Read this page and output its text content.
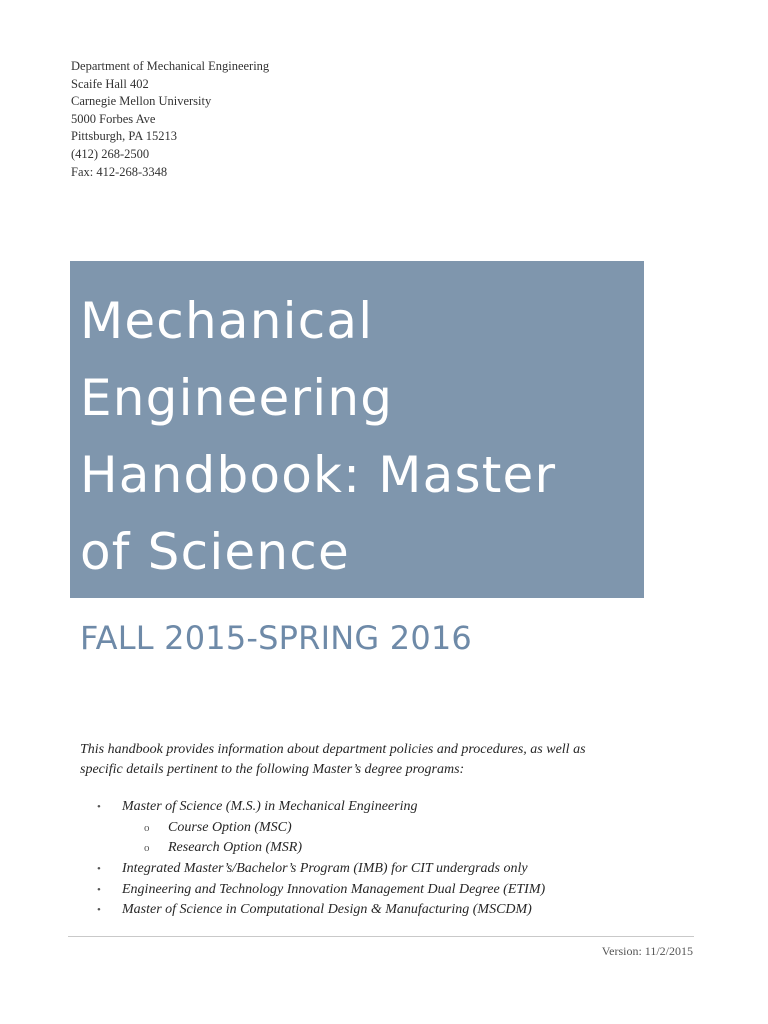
Department of Mechanical Engineering
Scaife Hall 402
Carnegie Mellon University
5000 Forbes Ave
Pittsburgh, PA 15213
(412) 268-2500
Fax: 412-268-3348
Mechanical
Engineering
Handbook: Master
of Science
FALL 2015-SPRING 2016
This handbook provides information about department policies and procedures, as well as
specific details pertinent to the following Master’s degree programs:
• Master of Science (M.S.) in Mechanical Engineering
o Course Option (MSC)
o Research Option (MSR)
• Integrated Master’s/Bachelor’s Program (IMB) for CIT undergrads only
• Engineering and Technology Innovation Management Dual Degree (ETIM)
• Master of Science in Computational Design & Manufacturing (MSCDM)
Version: 11/2/2015
